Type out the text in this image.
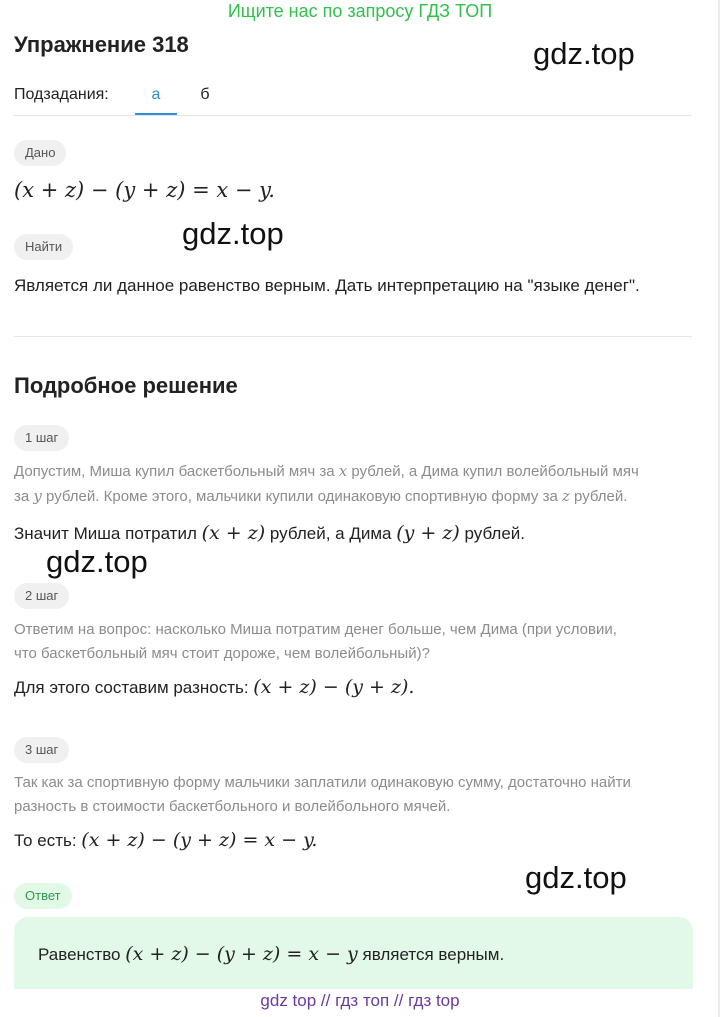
Ищите нас по запросу ГДЗ ТОП
Упражнение 318
Подзадания:	а	б
Дано
(x + z) − (y + z) = x − y.
Найти
Является ли данное равенство верным. Дать интерпретацию на "языке денег".
Подробное решение
1 шаг
Допустим, Миша купил баскетбольный мяч за x рублей, а Дима купил волейбольный мяч
за y рублей. Кроме этого, мальчики купили одинаковую спортивную форму за z рублей.
Значит Миша потратил (x + z) рублей, а Дима (y + z) рублей.
2 шаг
Ответим на вопрос: насколько Миша потратим денег больше, чем Дима (при условии,
что баскетбольный мяч стоит дороже, чем волейбольный)?
Для этого составим разность: (x + z) − (y + z).
3 шаг
Так как за спортивную форму мальчики заплатили одинаковую сумму, достаточно найти
разность в стоимости баскетбольного и волейбольного мячей.
То есть: (x + z) − (y + z) = x − y.
Ответ
Равенство (x + z) − (y + z) = x − y является верным.
gdz.top
gdz.top
gdz.top
gdz.top
gdz top // гдз топ // гдз top
